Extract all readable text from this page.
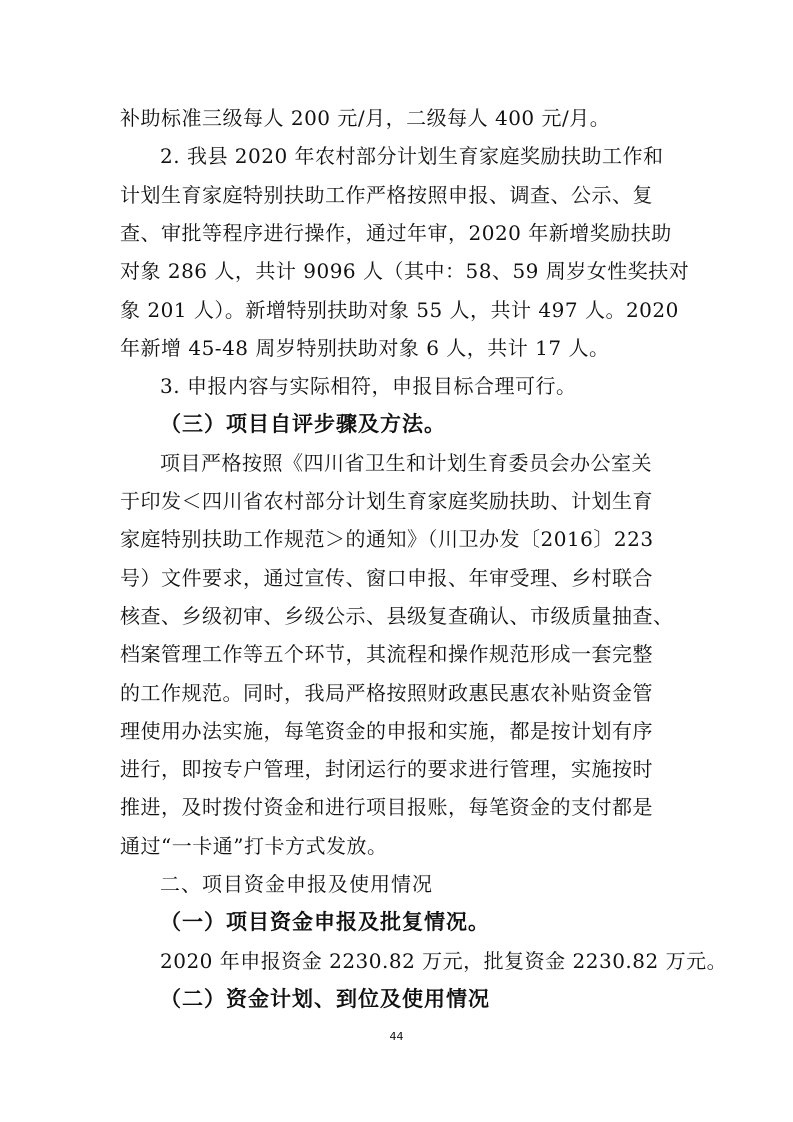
补助标准三级每人 200 元/月，二级每人 400 元/月。
2. 我县 2020 年农村部分计划生育家庭奖励扶助工作和
计划生育家庭特别扶助工作严格按照申报、调查、公示、复
查、审批等程序进行操作，通过年审，2020 年新增奖励扶助
对象 286 人，共计 9096 人（其中：58、59 周岁女性奖扶对
象 201 人）。新增特别扶助对象 55 人，共计 497 人。2020
年新增 45-48 周岁特别扶助对象 6 人，共计 17 人。
3. 申报内容与实际相符，申报目标合理可行。
（三）项目自评步骤及方法。
项目严格按照《四川省卫生和计划生育委员会办公室关
于印发＜四川省农村部分计划生育家庭奖励扶助、计划生育
家庭特别扶助工作规范＞的通知》（川卫办发〔2016〕223
号）文件要求，通过宣传、窗口申报、年审受理、乡村联合
核查、乡级初审、乡级公示、县级复查确认、市级质量抽查、
档案管理工作等五个环节，其流程和操作规范形成一套完整
的工作规范。同时，我局严格按照财政惠民惠农补贴资金管
理使用办法实施，每笔资金的申报和实施，都是按计划有序
进行，即按专户管理，封闭运行的要求进行管理，实施按时
推进，及时拨付资金和进行项目报账，每笔资金的支付都是
通过“一卡通”打卡方式发放。
二、项目资金申报及使用情况
（一）项目资金申报及批复情况。
2020 年申报资金 2230.82 万元，批复资金 2230.82 万元。
（二）资金计划、到位及使用情况
44
